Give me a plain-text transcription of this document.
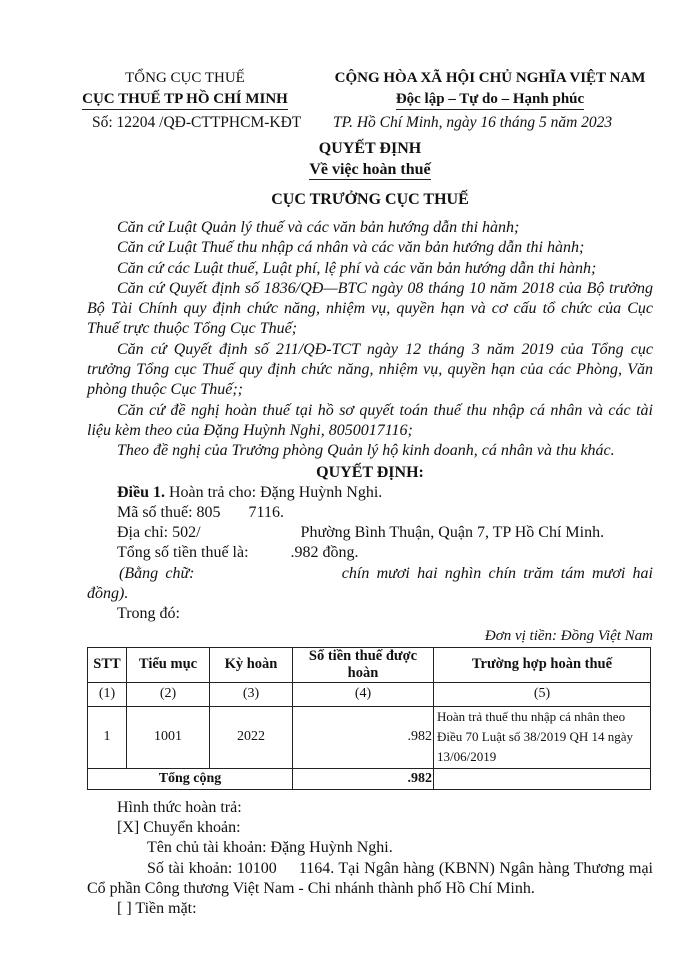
TỔNG CỤC THUẾ
CỤC THUẾ TP HỒ CHÍ MINH
CỘNG HÒA XÃ HỘI CHỦ NGHĨA VIỆT NAM
Độc lập – Tự do – Hạnh phúc
Số: 12204 /QĐ-CTTPHCM-KĐT TP. Hồ Chí Minh, ngày 16 tháng 5 năm 2023
QUYẾT ĐỊNH
Về việc hoàn thuế
CỤC TRƯỞNG CỤC THUẾ

Căn cứ Luật Quản lý thuế và các văn bản hướng dẫn thi hành;

Căn cứ Luật Thuế thu nhập cá nhân và các văn bản hướng dẫn thi hành;

Căn cứ các Luật thuế, Luật phí, lệ phí và các văn bản hướng dẫn thi hành;

Căn cứ Quyết định số 1836/QĐ—BTC ngày 08 tháng 10 năm 2018 của Bộ trưởng Bộ Tài Chính quy định chức năng, nhiệm vụ, quyền hạn và cơ cấu tổ chức của Cục Thuế trực thuộc Tổng Cục Thuế;

Căn cứ Quyết định số 211/QĐ-TCT ngày 12 tháng 3 năm 2019 của Tổng cục trưởng Tổng cục Thuế quy định chức năng, nhiệm vụ, quyền hạn của các Phòng, Văn phòng thuộc Cục Thuế;;

Căn cứ đề nghị hoàn thuế tại hồ sơ quyết toán thuế thu nhập cá nhân và các tài liệu kèm theo của Đặng Huỳnh Nghi, 8050017116;

Theo đề nghị của Trưởng phòng Quản lý hộ kinh doanh, cá nhân và thu khác.

QUYẾT ĐỊNH:

Điều 1. Hoàn trả cho: Đặng Huỳnh Nghi.

Mã số thuế: 805 7116.

Địa chỉ: 502/	Phường Bình Thuận, Quận 7, TP Hồ Chí Minh.

Tổng số tiền thuế là:	.982 đồng.

(Bằng chữ:	chín mươi hai nghìn chín trăm tám mươi hai đồng).

Trong đó:

Đơn vị tiền: Đồng Việt Nam
STT	Tiểu mục	Kỳ hoàn	Số tiền thuế được hoàn	Trường hợp hoàn thuế
(1)	(2)	(3)	(4)	(5)
1	1001	2022	.982	Hoàn trả thuế thu nhập cá nhân theo Điều 70 Luật số 38/2019 QH 14 ngày 13/06/2019
Tổng cộng			.982	

Hình thức hoàn trả:

[X] Chuyển khoản:

Tên chủ tài khoản: Đặng Huỳnh Nghi.

Số tài khoản: 10100 1164. Tại Ngân hàng (KBNN) Ngân hàng Thương mại Cổ phần Công thương Việt Nam - Chi nhánh thành phố Hồ Chí Minh.

[ ] Tiền mặt:
